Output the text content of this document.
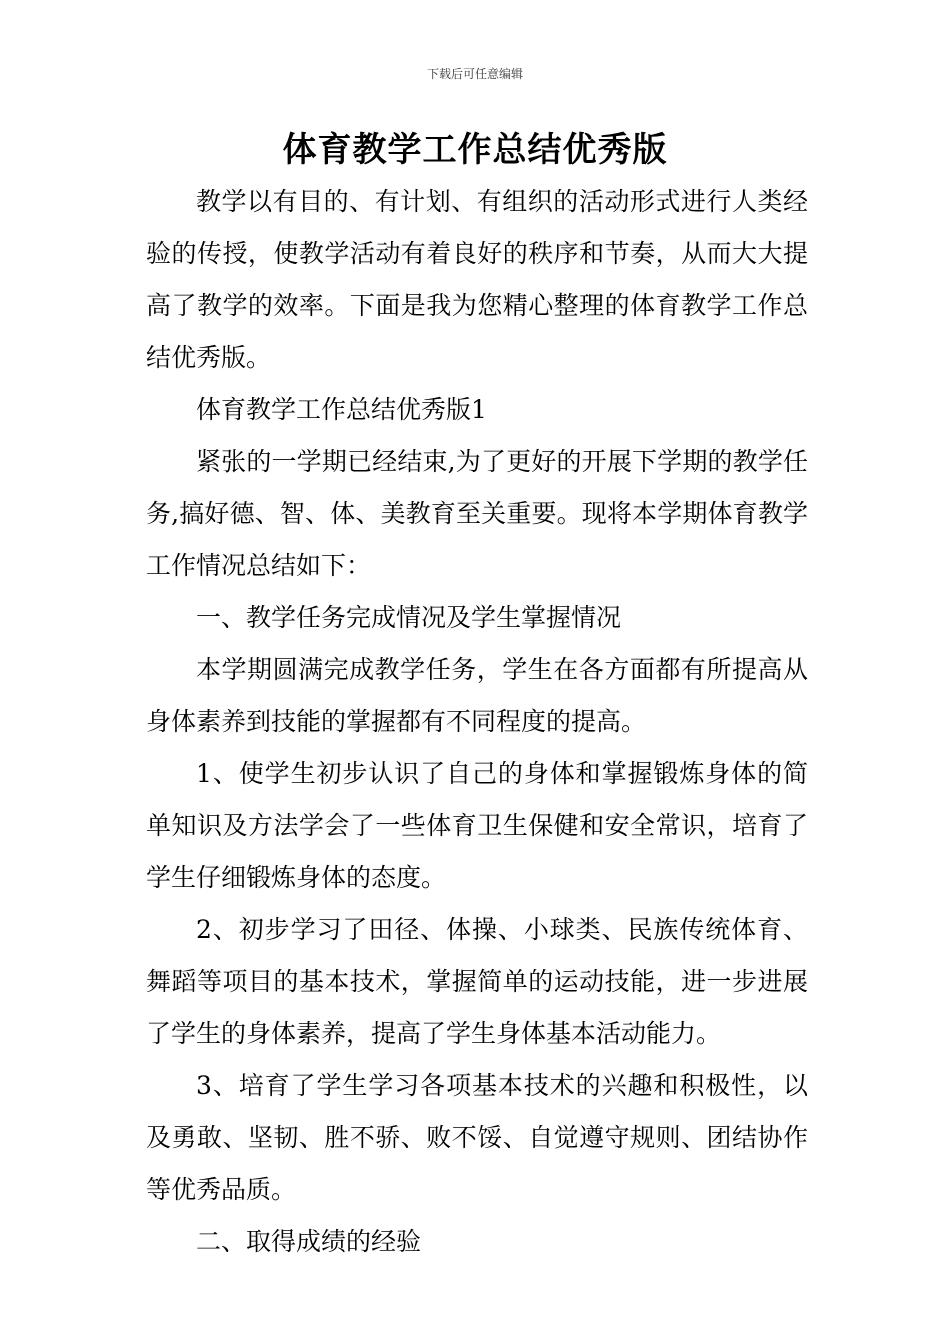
下载后可任意编辑
体育教学工作总结优秀版

教学以有目的、有计划、有组织的活动形式进行人类经验的传授，使教学活动有着良好的秩序和节奏，从而大大提高了教学的效率。下面是我为您精心整理的体育教学工作总结优秀版。

体育教学工作总结优秀版1

紧张的一学期已经结束,为了更好的开展下学期的教学任务,搞好德、智、体、美教育至关重要。现将本学期体育教学工作情况总结如下：

一、教学任务完成情况及学生掌握情况

本学期圆满完成教学任务，学生在各方面都有所提高从身体素养到技能的掌握都有不同程度的提高。

1、使学生初步认识了自己的身体和掌握锻炼身体的简单知识及方法学会了一些体育卫生保健和安全常识，培育了学生仔细锻炼身体的态度。

2、初步学习了田径、体操、小球类、民族传统体育、舞蹈等项目的基本技术，掌握简单的运动技能，进一步进展了学生的身体素养，提高了学生身体基本活动能力。

3、培育了学生学习各项基本技术的兴趣和积极性，以及勇敢、坚韧、胜不骄、败不馁、自觉遵守规则、团结协作等优秀品质。

二、取得成绩的经验
